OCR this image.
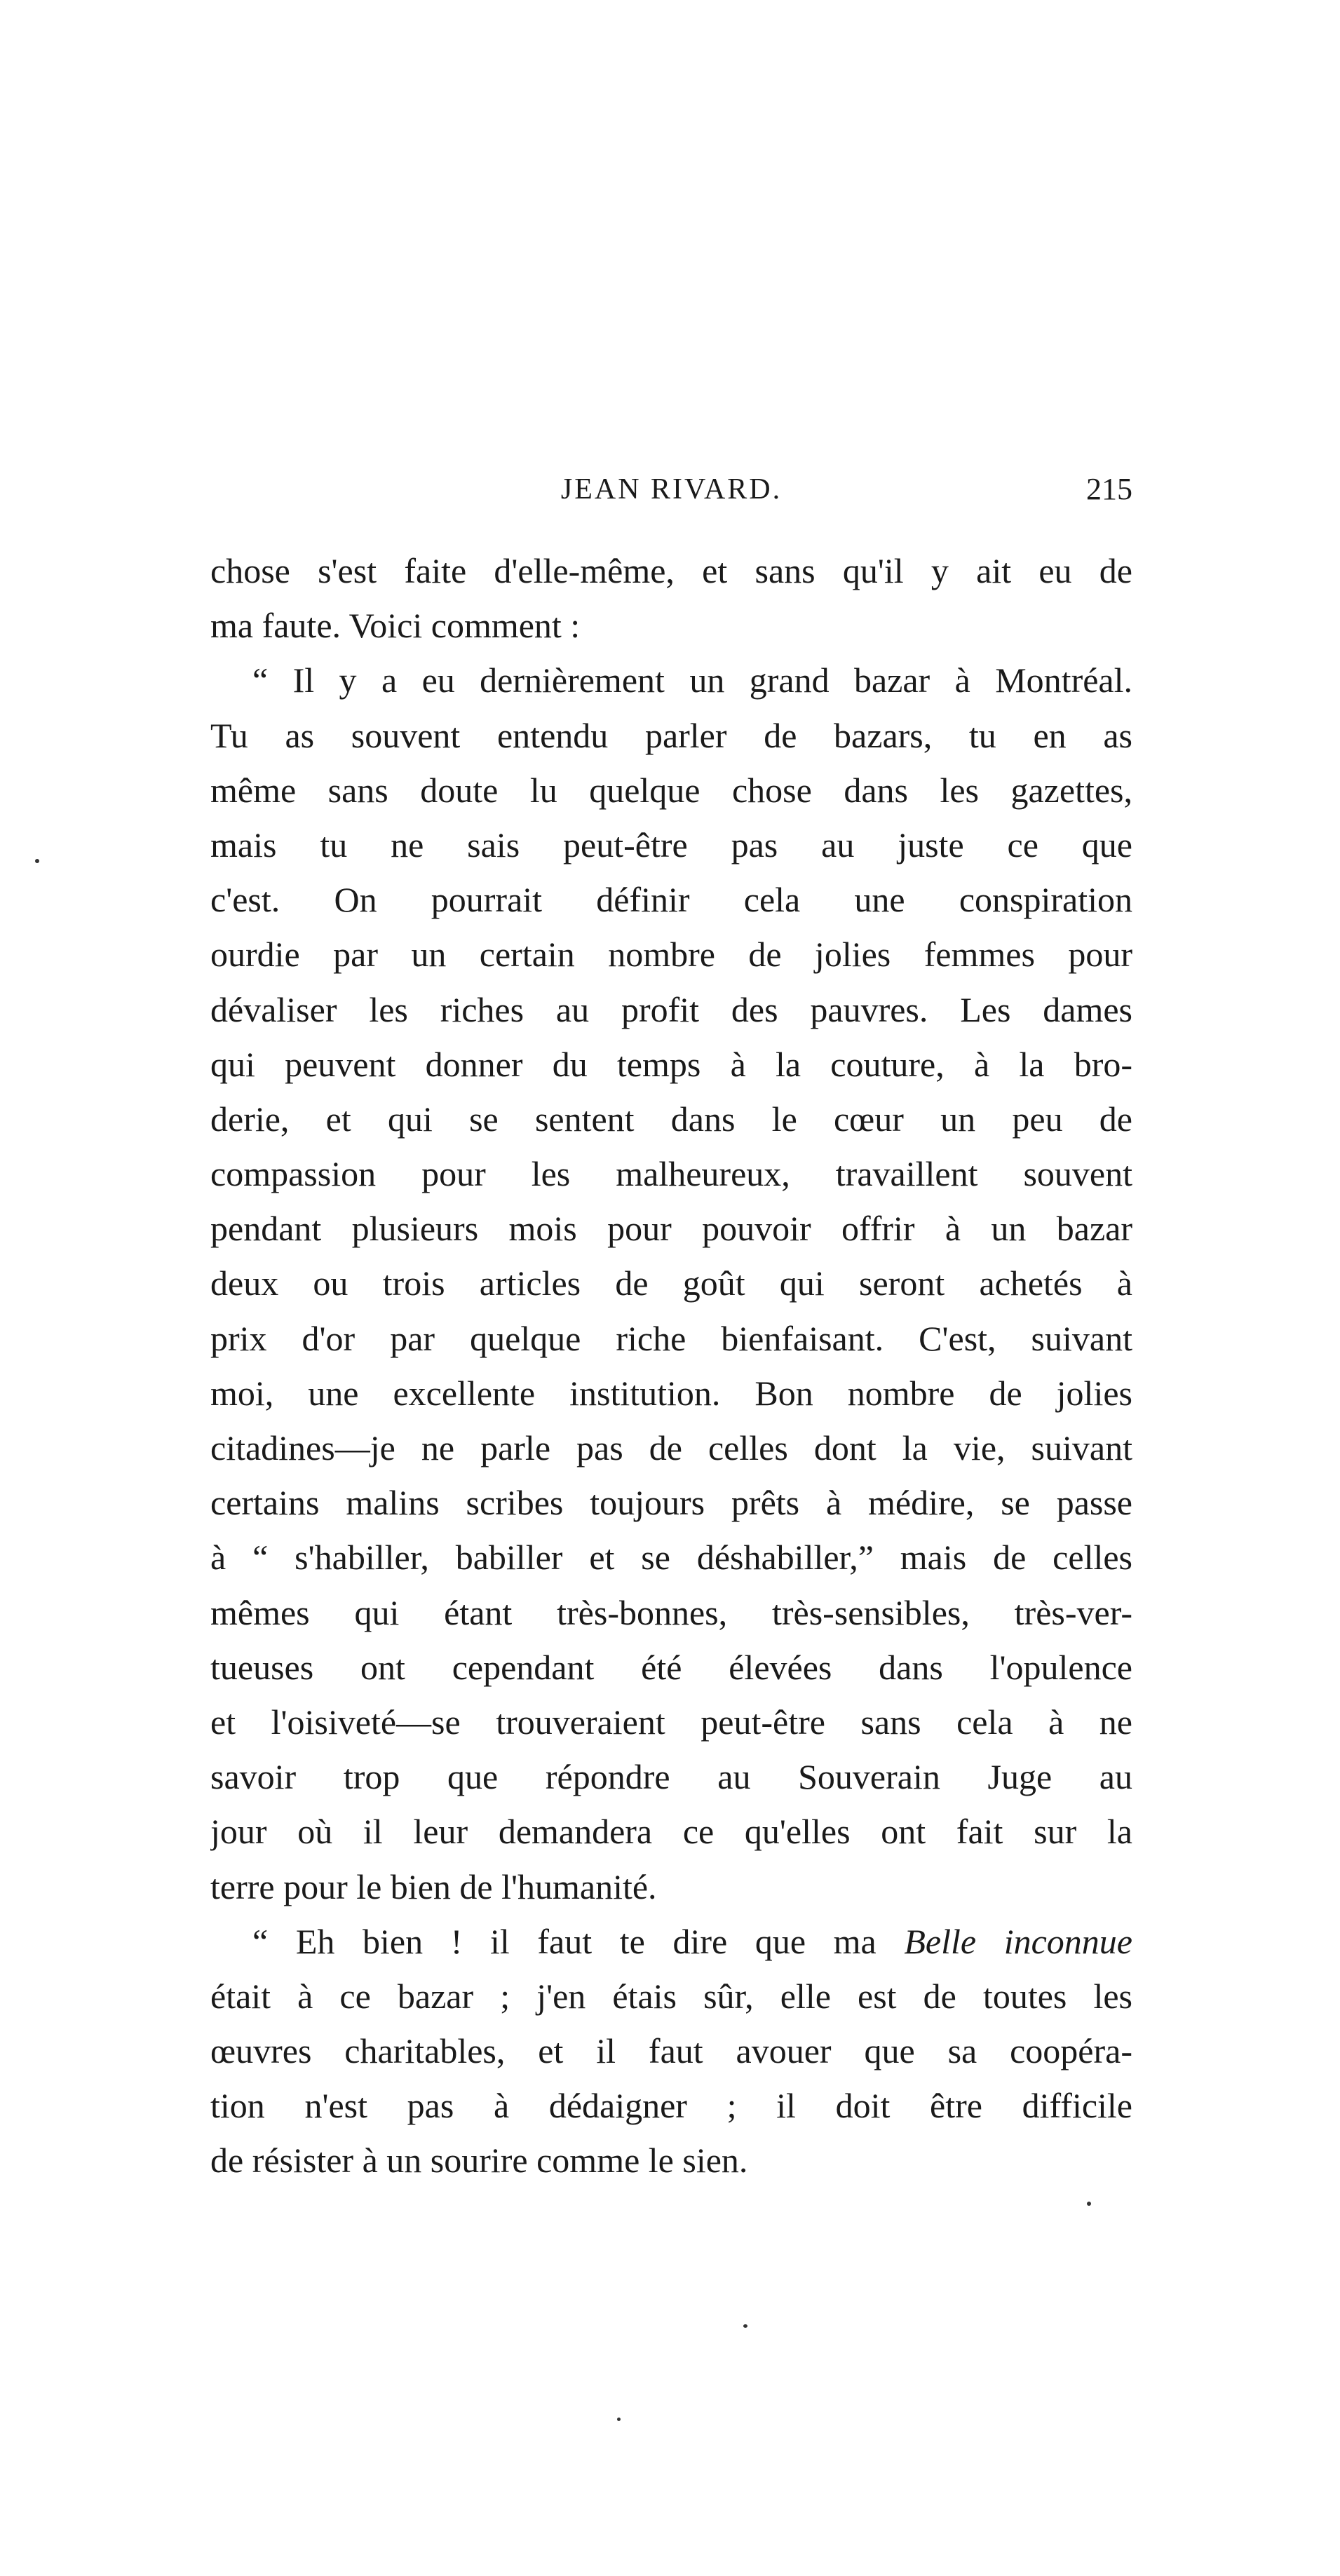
JEAN RIVARD.	215
chose s'est faite d'elle-même, et sans qu'il y ait eu de
ma faute. Voici comment :
“ Il y a eu dernièrement un grand bazar à Montréal.
Tu as souvent entendu parler de bazars, tu en as
même sans doute lu quelque chose dans les gazettes,
mais tu ne sais peut-être pas au juste ce que
c'est. On pourrait définir cela une conspiration
ourdie par un certain nombre de jolies femmes pour
dévaliser les riches au profit des pauvres. Les dames
qui peuvent donner du temps à la couture, à la bro-
derie, et qui se sentent dans le cœur un peu de
compassion pour les malheureux, travaillent souvent
pendant plusieurs mois pour pouvoir offrir à un bazar
deux ou trois articles de goût qui seront achetés à
prix d'or par quelque riche bienfaisant. C'est, suivant
moi, une excellente institution. Bon nombre de jolies
citadines—je ne parle pas de celles dont la vie, suivant
certains malins scribes toujours prêts à médire, se passe
à “ s'habiller, babiller et se déshabiller,” mais de celles
mêmes qui étant très-bonnes, très-sensibles, très-ver-
tueuses ont cependant été élevées dans l'opulence
et l'oisiveté—se trouveraient peut-être sans cela à ne
savoir trop que répondre au Souverain Juge au
jour où il leur demandera ce qu'elles ont fait sur la
terre pour le bien de l'humanité.
“ Eh bien ! il faut te dire que ma Belle inconnue
était à ce bazar ; j'en étais sûr, elle est de toutes les
œuvres charitables, et il faut avouer que sa coopéra-
tion n'est pas à dédaigner ; il doit être difficile
de résister à un sourire comme le sien.
